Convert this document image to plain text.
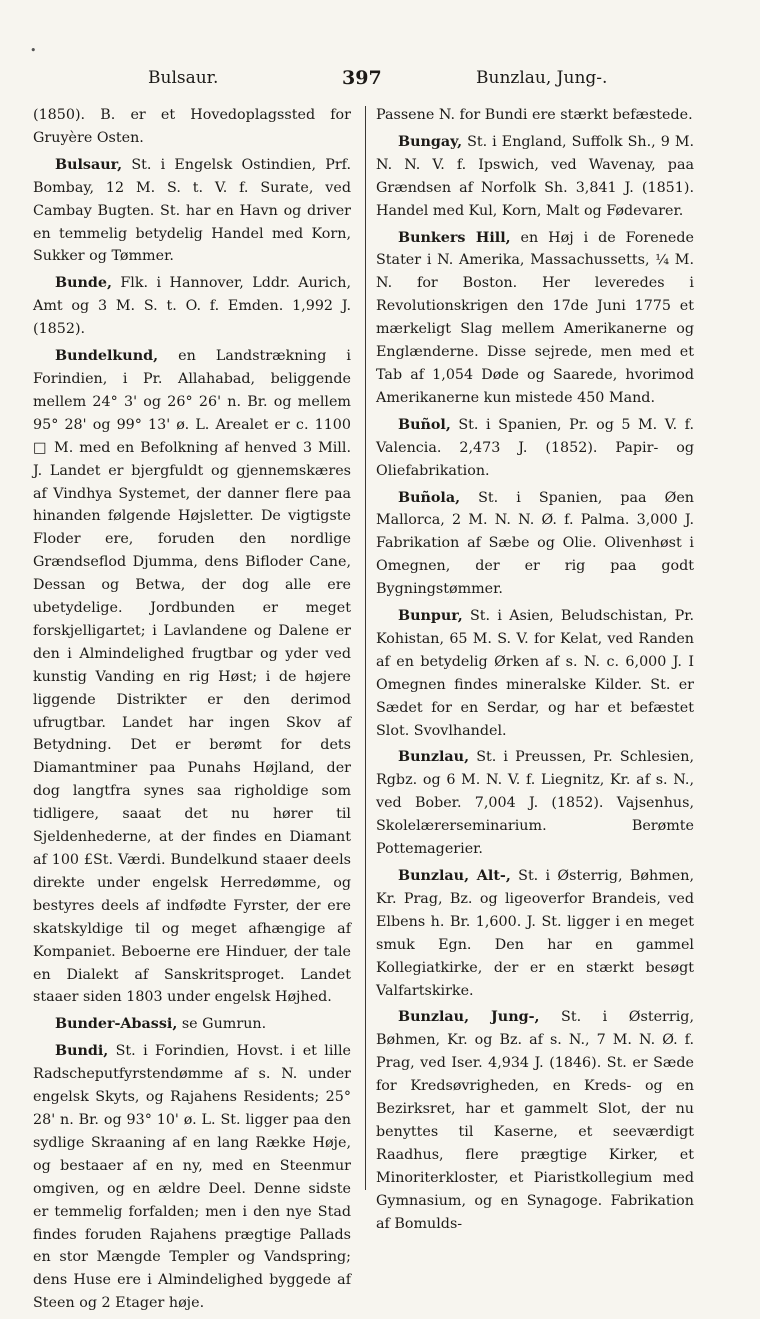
•
Bulsaur.	397	Bunzlau, Jung-.

(1850). B. er et Hovedoplagssted for Gruyère Osten.

Bulsaur, St. i Engelsk Ostindien, Prf. Bombay, 12 M. S. t. V. f. Surate, ved Cambay Bugten. St. har en Havn og driver en temmelig betydelig Handel med Korn, Sukker og Tømmer.

Bunde, Flk. i Hannover, Lddr. Aurich, Amt og 3 M. S. t. O. f. Emden. 1,992 J. (1852).

Bundelkund, en Landstrækning i Forindien, i Pr. Allahabad, beliggende mellem 24° 3' og 26° 26' n. Br. og mellem 95° 28' og 99° 13' ø. L. Arealet er c. 1100 □ M. med en Befolkning af henved 3 Mill. J. Landet er bjergfuldt og gjennemskæres af Vindhya Systemet, der danner flere paa hinanden følgende Højsletter. De vigtigste Floder ere, foruden den nordlige Grændseflod Djumma, dens Bifloder Cane, Dessan og Betwa, der dog alle ere ubetydelige. Jordbunden er meget forskjelligartet; i Lavlandene og Dalene er den i Almindelighed frugtbar og yder ved kunstig Vanding en rig Høst; i de højere liggende Distrikter er den derimod ufrugtbar. Landet har ingen Skov af Betydning. Det er berømt for dets Diamantminer paa Punahs Højland, der dog langtfra synes saa righoldige som tidligere, saaat det nu hører til Sjeldenhederne, at der findes en Diamant af 100 £St. Værdi. Bundelkund staaer deels direkte under engelsk Herredømme, og bestyres deels af indfødte Fyrster, der ere skatskyldige til og meget afhængige af Kompaniet. Beboerne ere Hinduer, der tale en Dialekt af Sanskritsproget. Landet staaer siden 1803 under engelsk Højhed.

Bunder-Abassi, se Gumrun.

Bundi, St. i Forindien, Hovst. i et lille Radscheputfyrstendømme af s. N. under engelsk Skyts, og Rajahens Residents; 25° 28' n. Br. og 93° 10' ø. L. St. ligger paa den sydlige Skraaning af en lang Række Høje, og bestaaer af en ny, med en Steenmur omgiven, og en ældre Deel. Denne sidste er temmelig forfalden; men i den nye Stad findes foruden Rajahens prægtige Pallads en stor Mængde Templer og Vandspring; dens Huse ere i Almindelighed byggede af Steen og 2 Etager høje.

Passene N. for Bundi ere stærkt befæstede.

Bungay, St. i England, Suffolk Sh., 9 M. N. N. V. f. Ipswich, ved Wavenay, paa Grændsen af Norfolk Sh. 3,841 J. (1851). Handel med Kul, Korn, Malt og Fødevarer.

Bunkers Hill, en Høj i de Forenede Stater i N. Amerika, Massachussetts, ¼ M. N. for Boston. Her leveredes i Revolutionskrigen den 17de Juni 1775 et mærkeligt Slag mellem Amerikanerne og Englænderne. Disse sejrede, men med et Tab af 1,054 Døde og Saarede, hvorimod Amerikanerne kun mistede 450 Mand.

Buñol, St. i Spanien, Pr. og 5 M. V. f. Valencia. 2,473 J. (1852). Papir- og Oliefabrikation.

Buñola, St. i Spanien, paa Øen Mallorca, 2 M. N. N. Ø. f. Palma. 3,000 J. Fabrikation af Sæbe og Olie. Olivenhøst i Omegnen, der er rig paa godt Bygningstømmer.

Bunpur, St. i Asien, Beludschistan, Pr. Kohistan, 65 M. S. V. for Kelat, ved Randen af en betydelig Ørken af s. N. c. 6,000 J. I Omegnen findes mineralske Kilder. St. er Sædet for en Serdar, og har et befæstet Slot. Svovlhandel.

Bunzlau, St. i Preussen, Pr. Schlesien, Rgbz. og 6 M. N. V. f. Liegnitz, Kr. af s. N., ved Bober. 7,004 J. (1852). Vajsenhus, Skolelærerseminarium. Berømte Pottemagerier.

Bunzlau, Alt-, St. i Østerrig, Bøhmen, Kr. Prag, Bz. og ligeoverfor Brandeis, ved Elbens h. Br. 1,600. J. St. ligger i en meget smuk Egn. Den har en gammel Kollegiatkirke, der er en stærkt besøgt Valfartskirke.

Bunzlau, Jung-, St. i Østerrig, Bøhmen, Kr. og Bz. af s. N., 7 M. N. Ø. f. Prag, ved Iser. 4,934 J. (1846). St. er Sæde for Kredsøvrigheden, en Kreds- og en Bezirksret, har et gammelt Slot, der nu benyttes til Kaserne, et seeværdigt Raadhus, flere prægtige Kirker, et Minoriterkloster, et Piaristkollegium med Gymnasium, og en Synagoge. Fabrikation af Bomulds-
